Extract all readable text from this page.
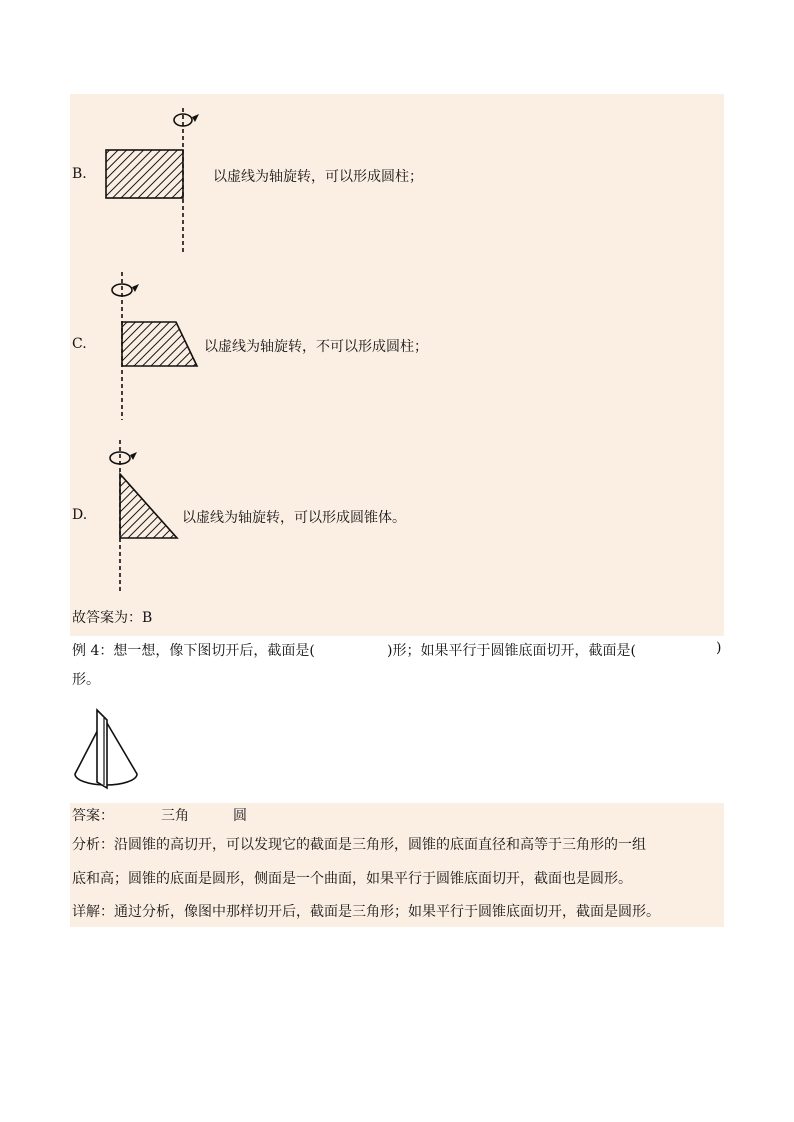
B.	以虚线为轴旋转，可以形成圆柱；
C.	以虚线为轴旋转，不可以形成圆柱；
D.	以虚线为轴旋转，可以形成圆锥体。
故答案为：B
例 4：想一想，像下图切开后，截面是(	)形；如果平行于圆锥底面切开，截面是(	)
形。
答案：	三角	圆
分析：沿圆锥的高切开，可以发现它的截面是三角形，圆锥的底面直径和高等于三角形的一组
底和高；圆锥的底面是圆形，侧面是一个曲面，如果平行于圆锥底面切开，截面也是圆形。
详解：通过分析，像图中那样切开后，截面是三角形；如果平行于圆锥底面切开，截面是圆形。
